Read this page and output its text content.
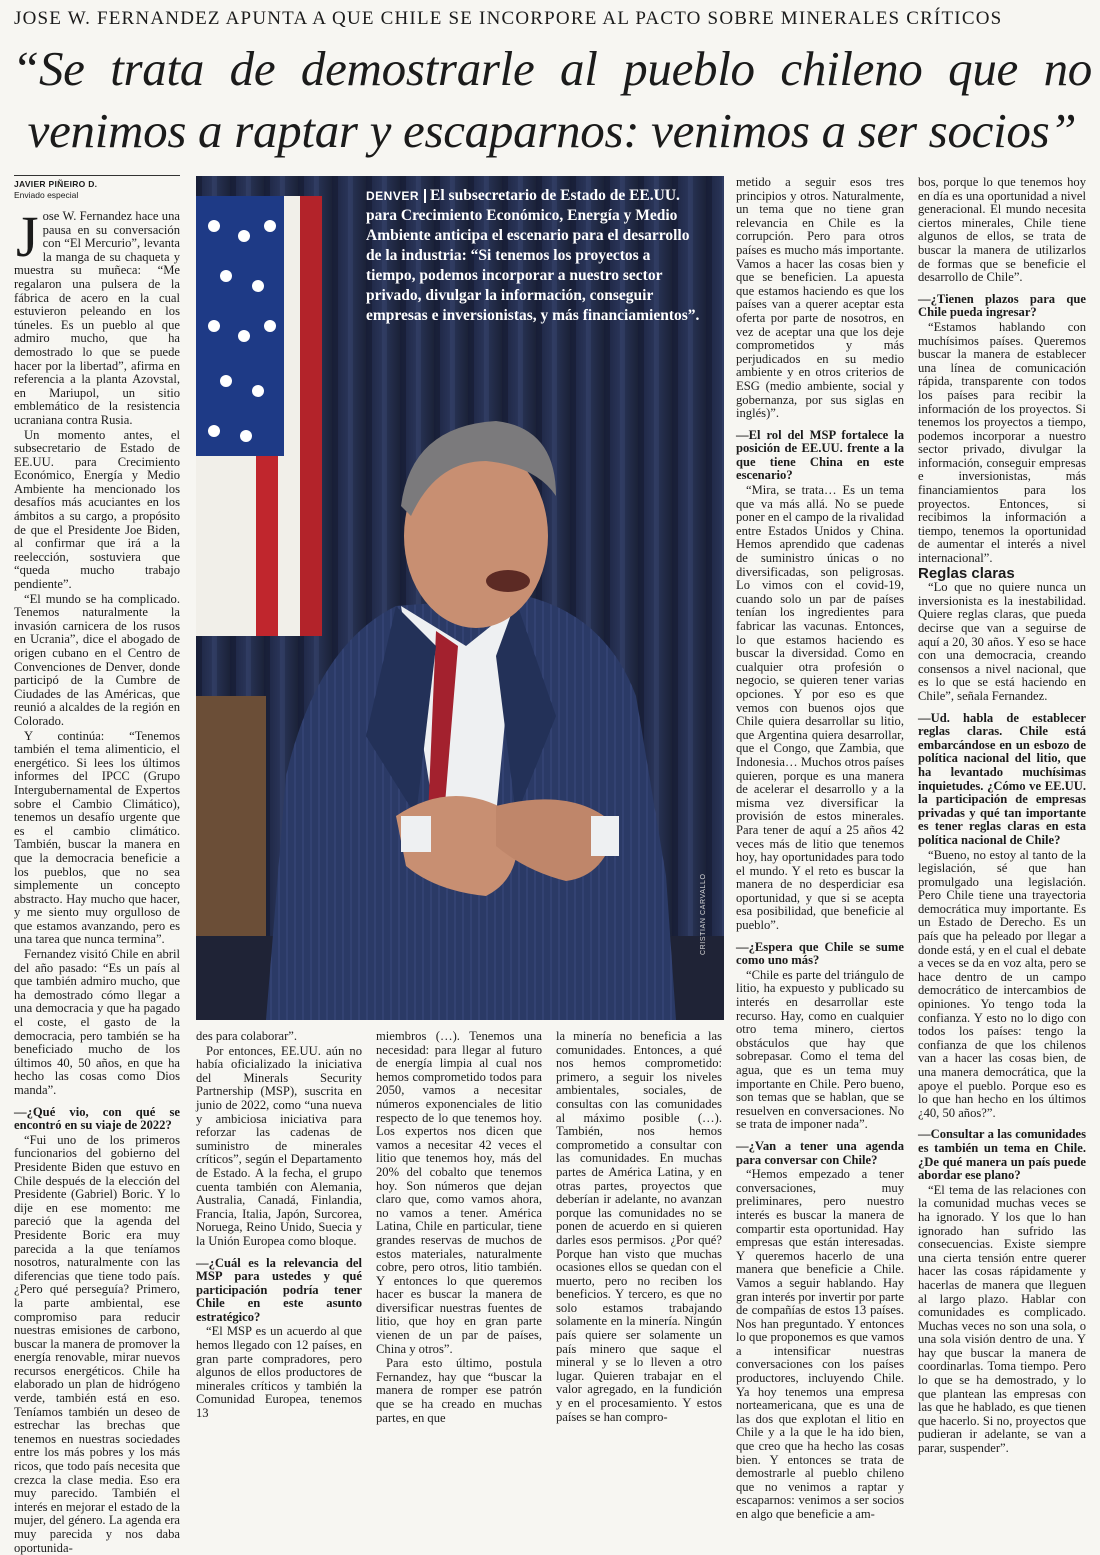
JOSE W. FERNANDEZ APUNTA A QUE CHILE SE INCORPORE AL PACTO SOBRE MINERALES CRÍTICOS
“Se trata de demostrarle al pueblo chileno que no venimos a raptar y escaparnos: venimos a ser socios”
JAVIER PIÑEIRO D.
Enviado especial

Jose W. Fernandez hace una pausa en su conversación con “El Mercurio”, levanta la manga de su chaqueta y muestra su muñeca: “Me regalaron una pulsera de la fábrica de acero en la cual estuvieron peleando en los túneles. Es un pueblo al que admiro mucho, que ha demostrado lo que se puede hacer por la libertad”, afirma en referencia a la planta Azovstal, en Mariupol, un sitio emblemático de la resistencia ucraniana contra Rusia.

Un momento antes, el subsecretario de Estado de EE.UU. para Crecimiento Económico, Energía y Medio Ambiente ha mencionado los desafíos más acuciantes en los ámbitos a su cargo, a propósito de que el Presidente Joe Biden, al confirmar que irá a la reelección, sostuviera que “queda mucho trabajo pendiente”.

“El mundo se ha complicado. Tenemos naturalmente la invasión carnicera de los rusos en Ucrania”, dice el abogado de origen cubano en el Centro de Convenciones de Denver, donde participó de la Cumbre de Ciudades de las Américas, que reunió a alcaldes de la región en Colorado.

Y continúa: “Tenemos también el tema alimenticio, el energético. Si lees los últimos informes del IPCC (Grupo Intergubernamental de Expertos sobre el Cambio Climático), tenemos un desafío urgente que es el cambio climático. También, buscar la manera en que la democracia beneficie a los pueblos, que no sea simplemente un concepto abstracto. Hay mucho que hacer, y me siento muy orgulloso de que estamos avanzando, pero es una tarea que nunca termina”.

Fernandez visitó Chile en abril del año pasado: “Es un país al que también admiro mucho, que ha demostrado cómo llegar a una democracia y que ha pagado el coste, el gasto de la democracia, pero también se ha beneficiado mucho de los últimos 40, 50 años, en que ha hecho las cosas como Dios manda”.

—¿Qué vio, con qué se encontró en su viaje de 2022?

“Fui uno de los primeros funcionarios del gobierno del Presidente Biden que estuvo en Chile después de la elección del Presidente (Gabriel) Boric. Y lo dije en ese momento: me pareció que la agenda del Presidente Boric era muy parecida a la que teníamos nosotros, naturalmente con las diferencias que tiene todo país. ¿Pero qué perseguía? Primero, la parte ambiental, ese compromiso para reducir nuestras emisiones de carbono, buscar la manera de promover la energía renovable, mirar nuevos recursos energéticos. Chile ha elaborado un plan de hidrógeno verde, también está en eso. Teníamos también un deseo de estrechar las brechas que tenemos en nuestras sociedades entre los más pobres y los más ricos, que todo país necesita que crezca la clase media. Eso era muy parecido. También el interés en mejorar el estado de la mujer, del género. La agenda era muy parecida y nos daba oportunida-

DENVER El subsecretario de Estado de EE.UU. para Crecimiento Económico, Energía y Medio Ambiente anticipa el escenario para el desarrollo de la industria: “Si tenemos los proyectos a tiempo, podemos incorporar a nuestro sector privado, divulgar la información, conseguir empresas e inversionistas, y más financiamientos”.
CRISTIAN CARVALLO

des para colaborar”.

Por entonces, EE.UU. aún no había oficializado la iniciativa del Minerals Security Partnership (MSP), suscrita en junio de 2022, como “una nueva y ambiciosa iniciativa para reforzar las cadenas de suministro de minerales críticos”, según el Departamento de Estado. A la fecha, el grupo cuenta también con Alemania, Australia, Canadá, Finlandia, Francia, Italia, Japón, Surcorea, Noruega, Reino Unido, Suecia y la Unión Europea como bloque.

—¿Cuál es la relevancia del MSP para ustedes y qué participación podría tener Chile en este asunto estratégico?

“El MSP es un acuerdo al que hemos llegado con 12 países, en gran parte compradores, pero algunos de ellos productores de minerales críticos y también la Comunidad Europea, tenemos 13

miembros (…). Tenemos una necesidad: para llegar al futuro de energía limpia al cual nos hemos comprometido todos para 2050, vamos a necesitar números exponenciales de litio respecto de lo que tenemos hoy. Los expertos nos dicen que vamos a necesitar 42 veces el litio que tenemos hoy, más del 20% del cobalto que tenemos hoy. Son números que dejan claro que, como vamos ahora, no vamos a tener. América Latina, Chile en particular, tiene grandes reservas de muchos de estos materiales, naturalmente cobre, pero otros, litio también. Y entonces lo que queremos hacer es buscar la manera de diversificar nuestras fuentes de litio, que hoy en gran parte vienen de un par de países, China y otros”.

Para esto último, postula Fernandez, hay que “buscar la manera de romper ese patrón que se ha creado en muchas partes, en que

la minería no beneficia a las comunidades. Entonces, a qué nos hemos comprometido: primero, a seguir los niveles ambientales, sociales, de consultas con las comunidades al máximo posible (…). También, nos hemos comprometido a consultar con las comunidades. En muchas partes de América Latina, y en otras partes, proyectos que deberían ir adelante, no avanzan porque las comunidades no se ponen de acuerdo en si quieren darles esos permisos. ¿Por qué? Porque han visto que muchas ocasiones ellos se quedan con el muerto, pero no reciben los beneficios. Y tercero, es que no solo estamos trabajando solamente en la minería. Ningún país quiere ser solamente un país minero que saque el mineral y se lo lleven a otro lugar. Quieren trabajar en el valor agregado, en la fundición y en el procesamiento. Y estos países se han compro-

metido a seguir esos tres principios y otros. Naturalmente, un tema que no tiene gran relevancia en Chile es la corrupción. Pero para otros países es mucho más importante. Vamos a hacer las cosas bien y que se beneficien. La apuesta que estamos haciendo es que los países van a querer aceptar esta oferta por parte de nosotros, en vez de aceptar una que los deje comprometidos y más perjudicados en su medio ambiente y en otros criterios de ESG (medio ambiente, social y gobernanza, por sus siglas en inglés)”.

—El rol del MSP fortalece la posición de EE.UU. frente a la que tiene China en este escenario?

“Mira, se trata… Es un tema que va más allá. No se puede poner en el campo de la rivalidad entre Estados Unidos y China. Hemos aprendido que cadenas de suministro únicas o no diversificadas, son peligrosas. Lo vimos con el covid-19, cuando solo un par de países tenían los ingredientes para fabricar las vacunas. Entonces, lo que estamos haciendo es buscar la diversidad. Como en cualquier otra profesión o negocio, se quieren tener varias opciones. Y por eso es que vemos con buenos ojos que Chile quiera desarrollar su litio, que Argentina quiera desarrollar, que el Congo, que Zambia, que Indonesia… Muchos otros países quieren, porque es una manera de acelerar el desarrollo y a la misma vez diversificar la provisión de estos minerales. Para tener de aquí a 25 años 42 veces más de litio que tenemos hoy, hay oportunidades para todo el mundo. Y el reto es buscar la manera de no desperdiciar esa oportunidad, y que si se acepta esa posibilidad, que beneficie al pueblo”.

—¿Espera que Chile se sume como uno más?

“Chile es parte del triángulo de litio, ha expuesto y publicado su interés en desarrollar este recurso. Hay, como en cualquier otro tema minero, ciertos obstáculos que hay que sobrepasar. Como el tema del agua, que es un tema muy importante en Chile. Pero bueno, son temas que se hablan, que se resuelven en conversaciones. No se trata de imponer nada”.

—¿Van a tener una agenda para conversar con Chile?

“Hemos empezado a tener conversaciones, muy preliminares, pero nuestro interés es buscar la manera de compartir esta oportunidad. Hay empresas que están interesadas. Y queremos hacerlo de una manera que beneficie a Chile. Vamos a seguir hablando. Hay gran interés por invertir por parte de compañías de estos 13 países. Nos han preguntado. Y entonces lo que proponemos es que vamos a intensificar nuestras conversaciones con los países productores, incluyendo Chile. Ya hoy tenemos una empresa norteamericana, que es una de las dos que explotan el litio en Chile y a la que le ha ido bien, que creo que ha hecho las cosas bien. Y entonces se trata de demostrarle al pueblo chileno que no venimos a raptar y escaparnos: venimos a ser socios en algo que beneficie a am-

bos, porque lo que tenemos hoy en día es una oportunidad a nivel generacional. El mundo necesita ciertos minerales, Chile tiene algunos de ellos, se trata de buscar la manera de utilizarlos de formas que se beneficie el desarrollo de Chile”.

—¿Tienen plazos para que Chile pueda ingresar?

“Estamos hablando con muchísimos países. Queremos buscar la manera de establecer una línea de comunicación rápida, transparente con todos los países para recibir la información de los proyectos. Si tenemos los proyectos a tiempo, podemos incorporar a nuestro sector privado, divulgar la información, conseguir empresas e inversionistas, más financiamientos para los proyectos. Entonces, si recibimos la información a tiempo, tenemos la oportunidad de aumentar el interés a nivel internacional”.

Reglas claras

“Lo que no quiere nunca un inversionista es la inestabilidad. Quiere reglas claras, que pueda decirse que van a seguirse de aquí a 20, 30 años. Y eso se hace con una democracia, creando consensos a nivel nacional, que es lo que se está haciendo en Chile”, señala Fernandez.

—Ud. habla de establecer reglas claras. Chile está embarcándose en un esbozo de política nacional del litio, que ha levantado muchísimas inquietudes. ¿Cómo ve EE.UU. la participación de empresas privadas y qué tan importante es tener reglas claras en esta política nacional de Chile?

“Bueno, no estoy al tanto de la legislación, sé que han promulgado una legislación. Pero Chile tiene una trayectoria democrática muy importante. Es un Estado de Derecho. Es un país que ha peleado por llegar a donde está, y en el cual el debate a veces se da en voz alta, pero se hace dentro de un campo democrático de intercambios de opiniones. Yo tengo toda la confianza. Y esto no lo digo con todos los países: tengo la confianza de que los chilenos van a hacer las cosas bien, de una manera democrática, que la apoye el pueblo. Porque eso es lo que han hecho en los últimos ¿40, 50 años?”.

—Consultar a las comunidades es también un tema en Chile. ¿De qué manera un país puede abordar ese plano?

“El tema de las relaciones con la comunidad muchas veces se ha ignorado. Y los que lo han ignorado han sufrido las consecuencias. Existe siempre una cierta tensión entre querer hacer las cosas rápidamente y hacerlas de manera que lleguen al largo plazo. Hablar con comunidades es complicado. Muchas veces no son una sola, o una sola visión dentro de una. Y hay que buscar la manera de coordinarlas. Toma tiempo. Pero lo que se ha demostrado, y lo que plantean las empresas con las que he hablado, es que tienen que hacerlo. Si no, proyectos que pudieran ir adelante, se van a parar, suspender”.
